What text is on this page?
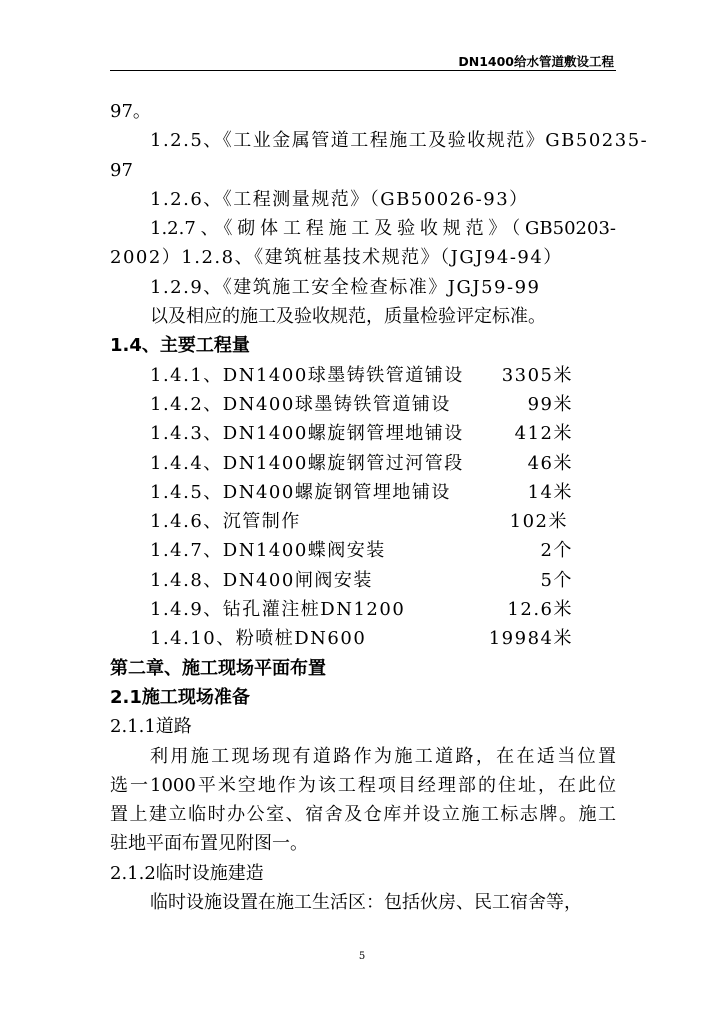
DN1400给水管道敷设工程
97。
1.2.5、《工业金属管道工程施工及验收规范》GB50235-
97
1.2.6、《工程测量规范》（GB50026-93）
1.2.7、《砌体工程施工及验收规范》（GB50203-
2002）1.2.8、《建筑桩基技术规范》（JGJ94-94）
1.2.9、《建筑施工安全检查标准》JGJ59-99
以及相应的施工及验收规范，质量检验评定标准。
1.4、主要工程量
1.4.1、DN1400球墨铸铁管道铺设 3305米
1.4.2、DN400球墨铸铁管道铺设	99米
1.4.3、DN1400螺旋钢管埋地铺设	412米
1.4.4、DN1400螺旋钢管过河管段	46米
1.4.5、DN400螺旋钢管埋地铺设	14米
1.4.6、沉管制作	102米
1.4.7、DN1400蝶阀安装	2个
1.4.8、DN400闸阀安装	5个
1.4.9、钻孔灌注桩DN1200	12.6米
1.4.10、粉喷桩DN600	19984米
第二章、施工现场平面布置
2.1施工现场准备
2.1.1道路
利用施工现场现有道路作为施工道路，在在适当位置
选一1000平米空地作为该工程项目经理部的住址，在此位
置上建立临时办公室、宿舍及仓库并设立施工标志牌。施工
驻地平面布置见附图一。
2.1.2临时设施建造
临时设施设置在施工生活区：包括伙房、民工宿舍等，
5
